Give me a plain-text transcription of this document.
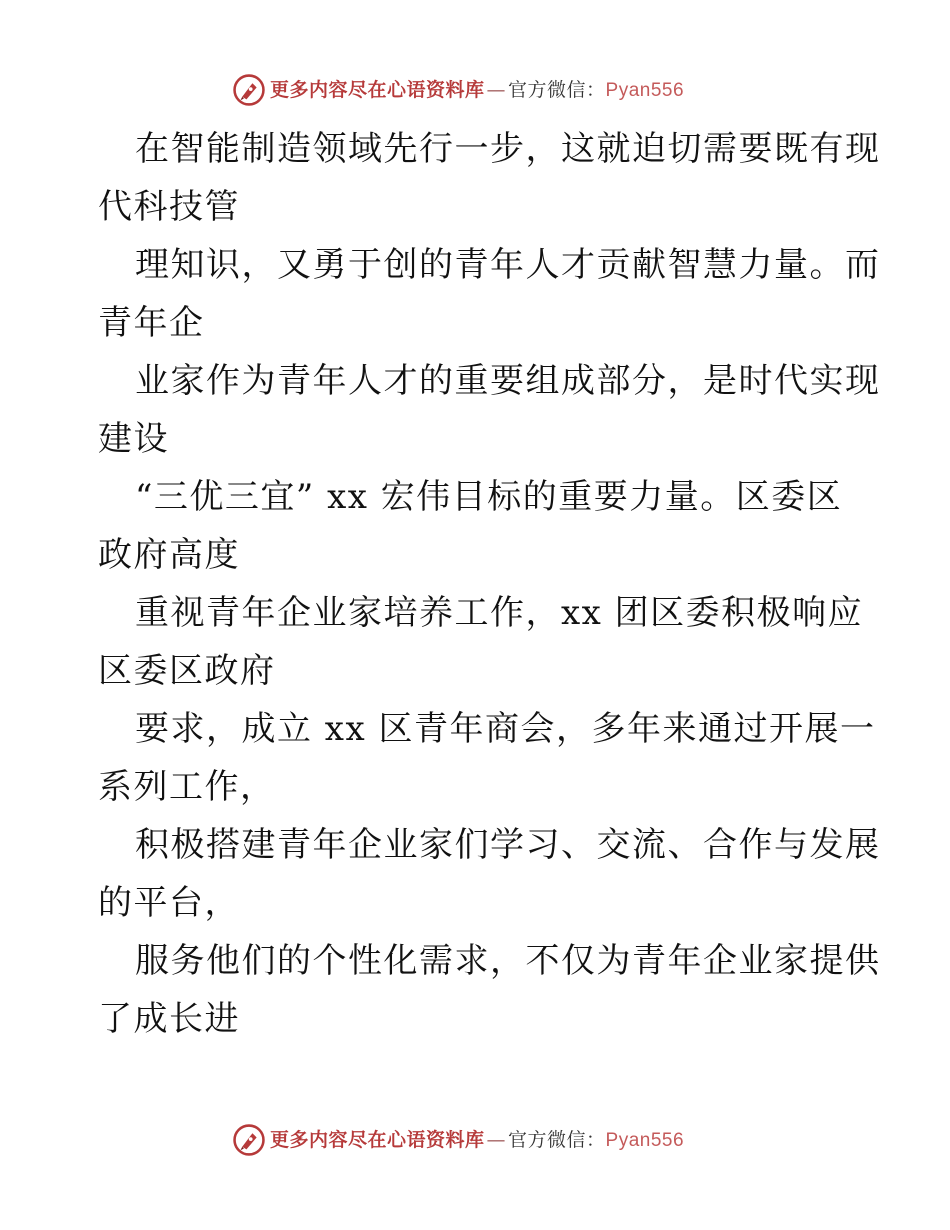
更多内容尽在心语资料库 — 官方微信：Pyan556
在智能制造领域先行一步，这就迫切需要既有现
代科技管
理知识，又勇于创的青年人才贡献智慧力量。而
青年企
业家作为青年人才的重要组成部分，是时代实现
建设
“三优三宜” xx 宏伟目标的重要力量。区委区
政府高度
重视青年企业家培养工作，xx 团区委积极响应
区委区政府
要求，成立 xx 区青年商会，多年来通过开展一
系列工作，
积极搭建青年企业家们学习、交流、合作与发展
的平台，
服务他们的个性化需求，不仅为青年企业家提供
了成长进
更多内容尽在心语资料库 — 官方微信：Pyan556
